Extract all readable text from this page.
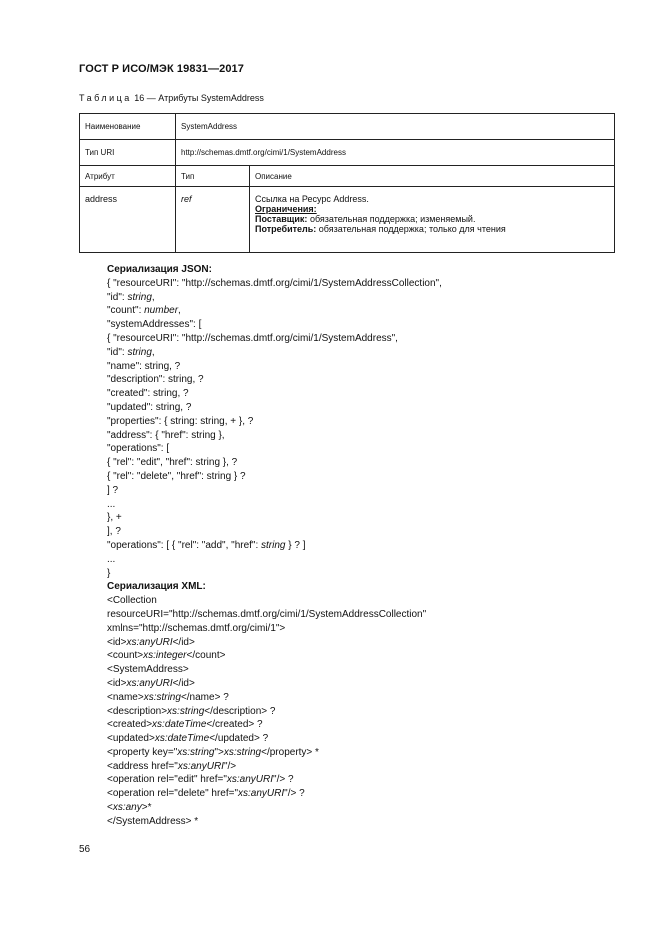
ГОСТ Р ИСО/МЭК 19831—2017
Таблица 16 — Атрибуты SystemAddress
Наименование	SystemAddress	
Тип URI	http://schemas.dmtf.org/cimi/1/SystemAddress	
Атрибут	Тип	Описание
address	ref	Ссылка на Ресурс Address.
Ограничения:
Поставщик: обязательная поддержка; изменяемый.
Потребитель: обязательная поддержка; только для чтения
Сериализация JSON:
{ "resourceURI": "http://schemas.dmtf.org/cimi/1/SystemAddressCollection",
"id": string,
"count": number,
"systemAddresses": [
{ "resourceURI": "http://schemas.dmtf.org/cimi/1/SystemAddress",
"id": string,
"name": string, ?
"description": string, ?
"created": string, ?
"updated": string, ?
"properties": { string: string, + }, ?
"address": { "href": string },
"operations": [
{ "rel": "edit", "href": string }, ?
{ "rel": "delete", "href": string } ?
] ?
...
}, +
], ?
"operations": [ { "rel": "add", "href": string } ? ]
...
}
Сериализация XML:
<Collection
resourceURI="http://schemas.dmtf.org/cimi/1/SystemAddressCollection"
xmlns="http://schemas.dmtf.org/cimi/1">
<id>xs:anyURI</id>
<count>xs:integer</count>
<SystemAddress>
<id>xs:anyURI</id>
<name>xs:string</name> ?
<description>xs:string</description> ?
<created>xs:dateTime</created> ?
<updated>xs:dateTime</updated> ?
<property key="xs:string">xs:string</property> *
<address href="xs:anyURI"/>
<operation rel="edit" href="xs:anyURI"/> ?
<operation rel="delete" href="xs:anyURI"/> ?
<xs:any>*
</SystemAddress> *
56
